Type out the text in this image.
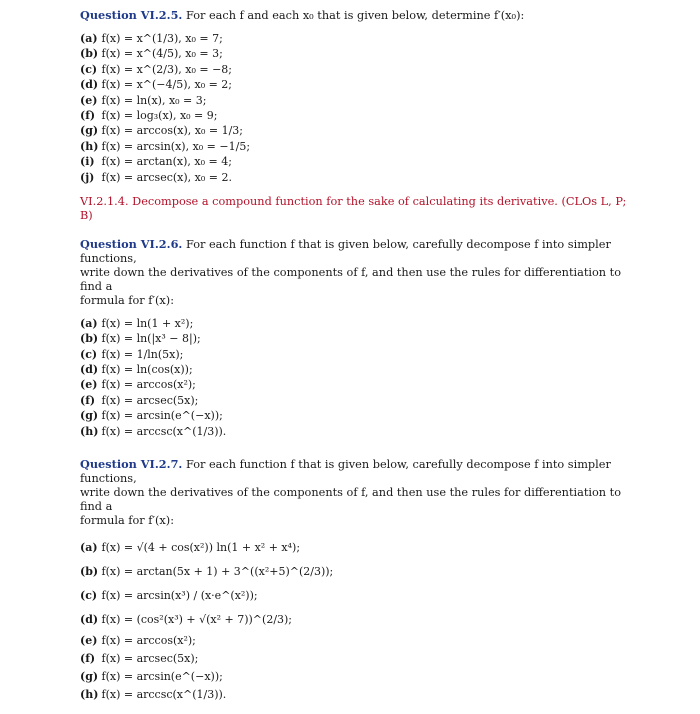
Question VI.2.5. For each f and each x₀ that is given below, determine f′(x₀):

(a) f(x) = x^(1/3), x₀ = 7;
(b) f(x) = x^(4/5), x₀ = 3;
(c) f(x) = x^(2/3), x₀ = −8;
(d) f(x) = x^(−4/5), x₀ = 2;
(e) f(x) = ln(x), x₀ = 3;
(f) f(x) = log₃(x), x₀ = 9;
(g) f(x) = arccos(x), x₀ = 1/3;
(h) f(x) = arcsin(x), x₀ = −1/5;
(i) f(x) = arctan(x), x₀ = 4;
(j) f(x) = arcsec(x), x₀ = 2.

VI.2.1.4. Decompose a compound function for the sake of calculating its derivative. (CLOs L, P; B)

Question VI.2.6. For each function f that is given below, carefully decompose f into simpler functions,

write down the derivatives of the components of f, and then use the rules for differentiation to find a

formula for f′(x):

(a) f(x) = ln(1 + x²);
(b) f(x) = ln(|x³ − 8|);
(c) f(x) = 1/ln(5x);
(d) f(x) = ln(cos(x));
(e) f(x) = arccos(x²);
(f) f(x) = arcsec(5x);
(g) f(x) = arcsin(e^(−x));
(h) f(x) = arccsc(x^(1/3)).

Question VI.2.7. For each function f that is given below, carefully decompose f into simpler functions,

write down the derivatives of the components of f, and then use the rules for differentiation to find a

formula for f′(x):

(a) f(x) = √(4 + cos(x²)) ln(1 + x² + x⁴);
(b) f(x) = arctan(5x + 1) + 3^((x²+5)^(2/3));
(c) f(x) = arcsin(x³) / (x·e^(x²));
(d) f(x) = (cos²(x³) + √(x² + 7))^(2/3);
(e) f(x) = arccos(x²);
(f) f(x) = arcsec(5x);
(g) f(x) = arcsin(e^(−x));
(h) f(x) = arccsc(x^(1/3)).
